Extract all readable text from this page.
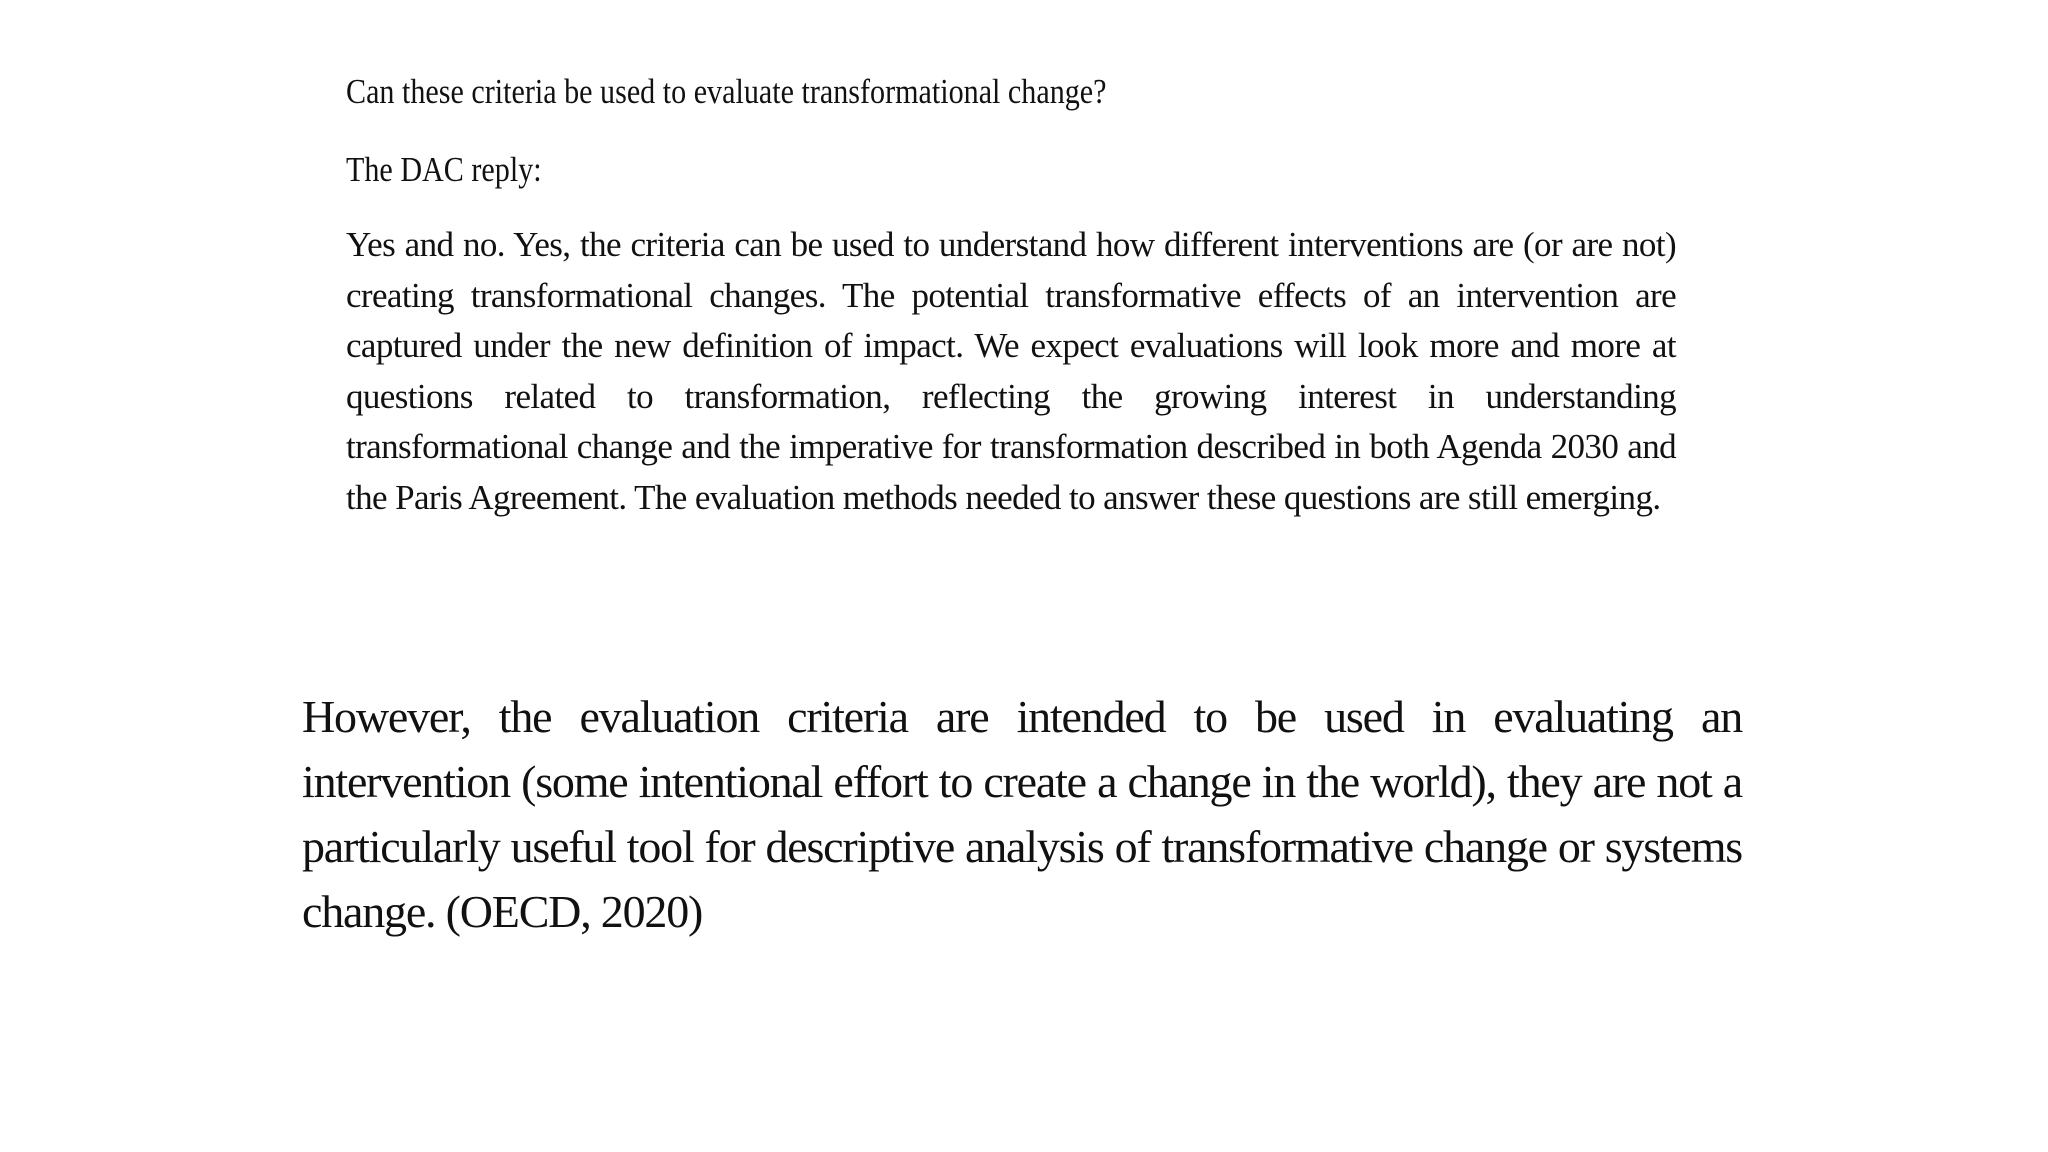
Can these criteria be used to evaluate transformational change?

The DAC reply:

Yes and no. Yes, the criteria can be used to understand how different interventions are (or are not) creating transformational changes. The potential transformative effects of an intervention are captured under the new definition of impact. We expect evaluations will look more and more at questions related to transformation, reflecting the growing interest in understanding transformational change and the imperative for transformation described in both Agenda 2030 and the Paris Agreement. The evaluation methods needed to answer these questions are still emerging.

However, the evaluation criteria are intended to be used in evaluating an intervention (some intentional effort to create a change in the world), they are not a particularly useful tool for descriptive analysis of transformative change or systems change. (OECD, 2020)
